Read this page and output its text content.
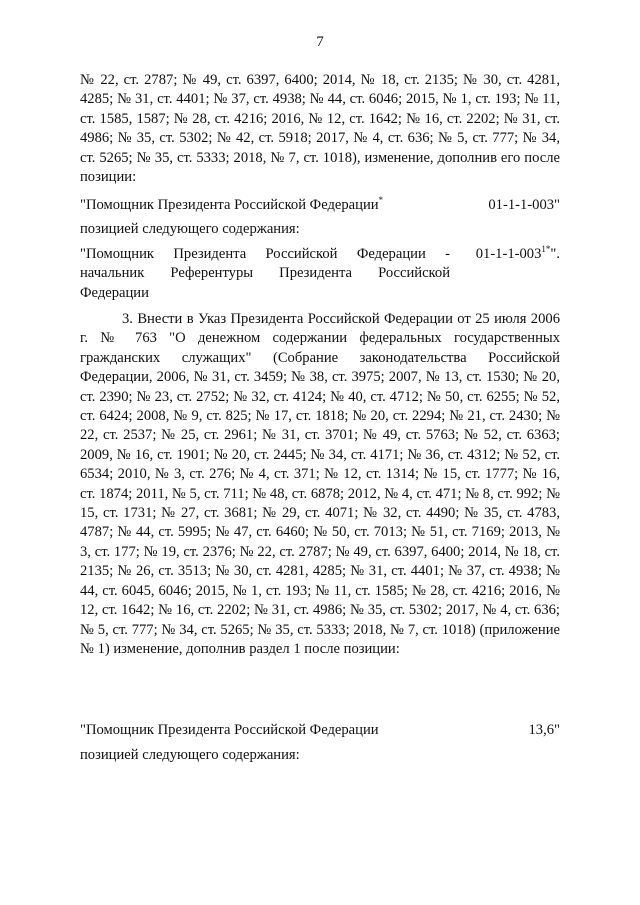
7
№ 22, ст. 2787; № 49, ст. 6397, 6400; 2014, № 18, ст. 2135; № 30, ст. 4281, 4285; № 31, ст. 4401; № 37, ст. 4938; № 44, ст. 6046; 2015, № 1, ст. 193; № 11, ст. 1585, 1587; № 28, ст. 4216; 2016, № 12, ст. 1642; № 16, ст. 2202; № 31, ст. 4986; № 35, ст. 5302; № 42, ст. 5918; 2017, № 4, ст. 636; № 5, ст. 777; № 34, ст. 5265; № 35, ст. 5333; 2018, № 7, ст. 1018), изменение, дополнив его после позиции:
"Помощник Президента Российской Федерации*	01-1-1-003"
позицией следующего содержания:
"Помощник Президента Российской Федерации - начальник Референтуры Президента Российской Федерации
$01-1-1-003^{1*}$".
3. Внести в Указ Президента Российской Федерации от 25 июля 2006 г. № 763 "О денежном содержании федеральных государственных гражданских служащих" (Собрание законодательства Российской Федерации, 2006, № 31, ст. 3459; № 38, ст. 3975; 2007, № 13, ст. 1530; № 20, ст. 2390; № 23, ст. 2752; № 32, ст. 4124; № 40, ст. 4712; № 50, ст. 6255; № 52, ст. 6424; 2008, № 9, ст. 825; № 17, ст. 1818; № 20, ст. 2294; № 21, ст. 2430; № 22, ст. 2537; № 25, ст. 2961; № 31, ст. 3701; № 49, ст. 5763; № 52, ст. 6363; 2009, № 16, ст. 1901; № 20, ст. 2445; № 34, ст. 4171; № 36, ст. 4312; № 52, ст. 6534; 2010, № 3, ст. 276; № 4, ст. 371; № 12, ст. 1314; № 15, ст. 1777; № 16, ст. 1874; 2011, № 5, ст. 711; № 48, ст. 6878; 2012, № 4, ст. 471; № 8, ст. 992; № 15, ст. 1731; № 27, ст. 3681; № 29, ст. 4071; № 32, ст. 4490; № 35, ст. 4783, 4787; № 44, ст. 5995; № 47, ст. 6460; № 50, ст. 7013; № 51, ст. 7169; 2013, № 3, ст. 177; № 19, ст. 2376; № 22, ст. 2787; № 49, ст. 6397, 6400; 2014, № 18, ст. 2135; № 26, ст. 3513; № 30, ст. 4281, 4285; № 31, ст. 4401; № 37, ст. 4938; № 44, ст. 6045, 6046; 2015, № 1, ст. 193; № 11, ст. 1585; № 28, ст. 4216; 2016, № 12, ст. 1642; № 16, ст. 2202; № 31, ст. 4986; № 35, ст. 5302; 2017, № 4, ст. 636; № 5, ст. 777; № 34, ст. 5265; № 35, ст. 5333; 2018, № 7, ст. 1018) (приложение № 1) изменение, дополнив раздел 1 после позиции:
"Помощник Президента Российской Федерации	13,6"
позицией следующего содержания:
